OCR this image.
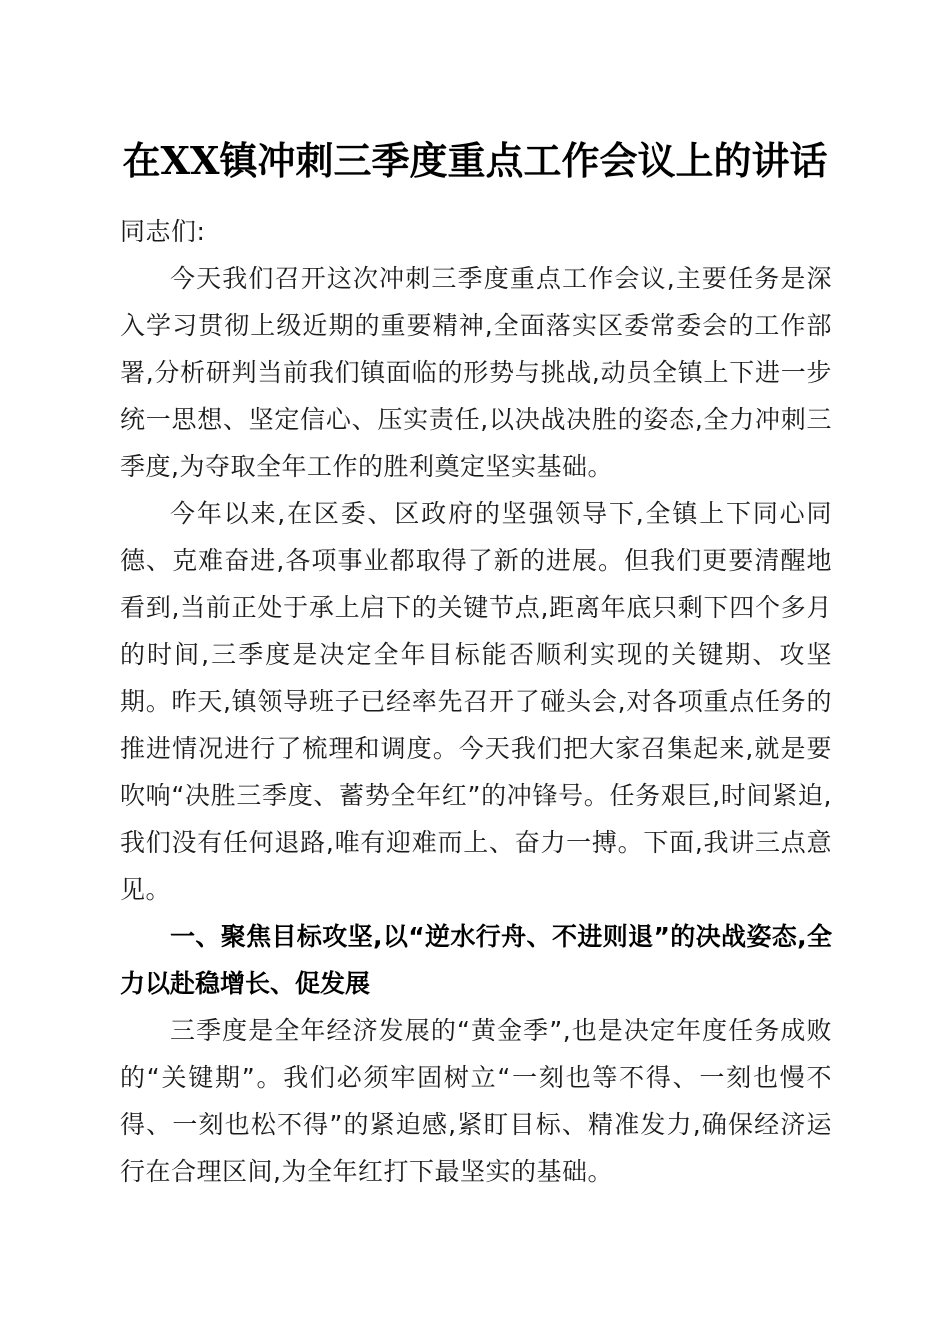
在XX镇冲刺三季度重点工作会议上的讲话

同志们:

今天我们召开这次冲刺三季度重点工作会议,主要任务是深入学习贯彻上级近期的重要精神,全面落实区委常委会的工作部署,分析研判当前我们镇面临的形势与挑战,动员全镇上下进一步统一思想、坚定信心、压实责任,以决战决胜的姿态,全力冲刺三季度,为夺取全年工作的胜利奠定坚实基础。

今年以来,在区委、区政府的坚强领导下,全镇上下同心同德、克难奋进,各项事业都取得了新的进展。但我们更要清醒地看到,当前正处于承上启下的关键节点,距离年底只剩下四个多月的时间,三季度是决定全年目标能否顺利实现的关键期、攻坚期。昨天,镇领导班子已经率先召开了碰头会,对各项重点任务的推进情况进行了梳理和调度。今天我们把大家召集起来,就是要吹响“决胜三季度、蓄势全年红”的冲锋号。任务艰巨,时间紧迫,我们没有任何退路,唯有迎难而上、奋力一搏。下面,我讲三点意见。

一、聚焦目标攻坚,以“逆水行舟、不进则退”的决战姿态,全力以赴稳增长、促发展

三季度是全年经济发展的“黄金季”,也是决定年度任务成败的“关键期”。我们必须牢固树立“一刻也等不得、一刻也慢不得、一刻也松不得”的紧迫感,紧盯目标、精准发力,确保经济运行在合理区间,为全年红打下最坚实的基础。
